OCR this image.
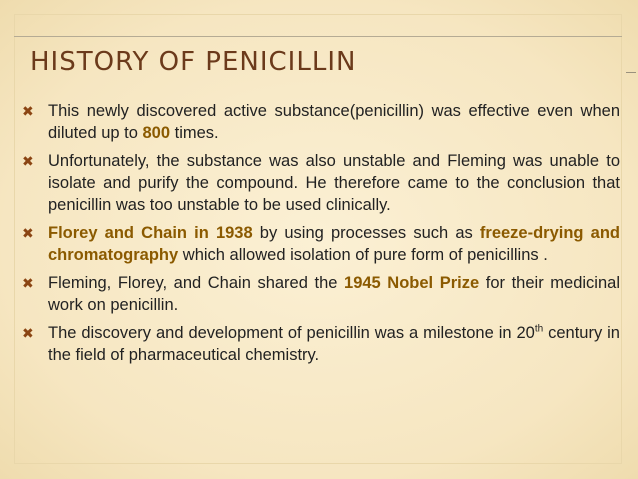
HISTORY OF PENICILLIN
✖ This newly discovered active substance(penicillin) was effective even when diluted up to 800 times.
✖ Unfortunately, the substance was also unstable and Fleming was unable to isolate and purify the compound. He therefore came to the conclusion that penicillin was too unstable to be used clinically.
✖ Florey and Chain in 1938 by using processes such as freeze-drying and chromatography which allowed isolation of pure form of penicillins .
✖ Fleming, Florey, and Chain shared the 1945 Nobel Prize for their medicinal work on penicillin.
✖ The discovery and development of penicillin was a milestone in 20th century in the field of pharmaceutical chemistry.
